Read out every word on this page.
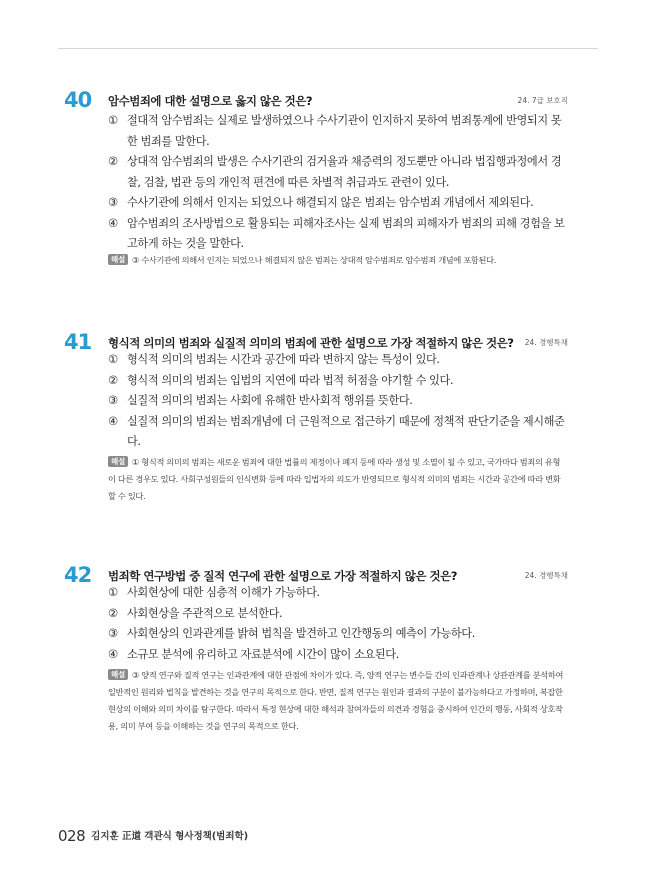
40 암수범죄에 대한 설명으로 옳지 않은 것은?	24. 7급 보호직
① 절대적 암수범죄는 실제로 발생하였으나 수사기관이 인지하지 못하여 범죄통계에 반영되지 못한 범죄를 말한다.
② 상대적 암수범죄의 발생은 수사기관의 검거율과 채증력의 정도뿐만 아니라 법집행과정에서 경찰, 검찰, 법관 등의 개인적 편견에 따른 차별적 취급과도 관련이 있다.
③ 수사기관에 의해서 인지는 되었으나 해결되지 않은 범죄는 암수범죄 개념에서 제외된다.
④ 암수범죄의 조사방법으로 활용되는 피해자조사는 실제 범죄의 피해자가 범죄의 피해 경험을 보고하게 하는 것을 말한다.
해설 ③ 수사기관에 의해서 인지는 되었으나 해결되지 않은 범죄는 상대적 암수범죄로 암수범죄 개념에 포함된다.
41 형식적 의미의 범죄와 실질적 의미의 범죄에 관한 설명으로 가장 적절하지 않은 것은? 24. 경행특채
① 형식적 의미의 범죄는 시간과 공간에 따라 변하지 않는 특성이 있다.
② 형식적 의미의 범죄는 입법의 지연에 따라 법적 허점을 야기할 수 있다.
③ 실질적 의미의 범죄는 사회에 유해한 반사회적 행위를 뜻한다.
④ 실질적 의미의 범죄는 범죄개념에 더 근원적으로 접근하기 때문에 정책적 판단기준을 제시해준다.
해설 ① 형식적 의미의 범죄는 새로운 범죄에 대한 법률의 제정이나 폐지 등에 따라 생성 및 소멸이 될 수 있고, 국가마다 범죄의 유형이 다른 경우도 있다. 사회구성원들의 인식변화 등에 따라 입법자의 의도가 반영되므로 형식적 의미의 범죄는 시간과 공간에 따라 변화할 수 있다.
42 범죄학 연구방법 중 질적 연구에 관한 설명으로 가장 적절하지 않은 것은?	24. 경행특채
① 사회현상에 대한 심층적 이해가 가능하다.
② 사회현상을 주관적으로 분석한다.
③ 사회현상의 인과관계를 밝혀 법칙을 발견하고 인간행동의 예측이 가능하다.
④ 소규모 분석에 유리하고 자료분석에 시간이 많이 소요된다.
해설 ③ 양적 연구와 질적 연구는 인과관계에 대한 관점에 차이가 있다. 즉, 양적 연구는 변수들 간의 인과관계나 상관관계를 분석하여 일반적인 원리와 법칙을 발견하는 것을 연구의 목적으로 한다. 반면, 질적 연구는 원인과 결과의 구분이 불가능하다고 가정하며, 복잡한 현상의 이해와 의미 차이를 탐구한다. 따라서 특정 현상에 대한 해석과 참여자들의 의견과 경험을 중시하여 인간의 행동, 사회적 상호작용, 의미 부여 등을 이해하는 것을 연구의 목적으로 한다.
028 김지훈 正道 객관식 형사정책(범죄학)
